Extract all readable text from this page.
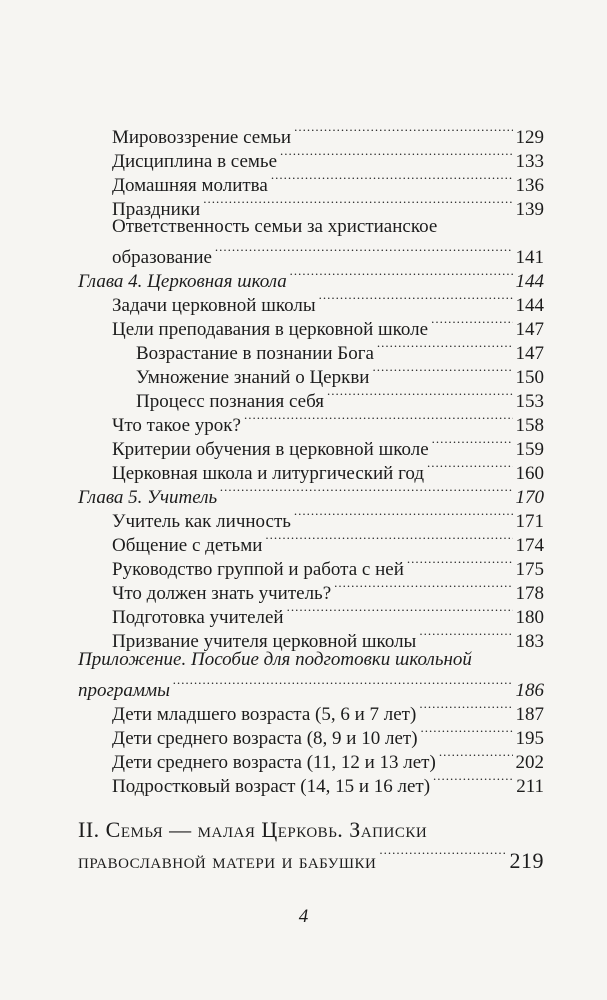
Мировоззрение семьи .....	129
Дисциплина в семье .....	133
Домашняя молитва .....	136
Праздники .....	139
Ответственность семьи за христианское
образование .....	141
Глава 4. Церковная школа .....	144
Задачи церковной школы .....	144
Цели преподавания в церковной школе .....	147
Возрастание в познании Бога .....	147
Умножение знаний о Церкви .....	150
Процесс познания себя .....	153
Что такое урок? .....	158
Критерии обучения в церковной школе .....	159
Церковная школа и литургический год .....	160
Глава 5. Учитель .....	170
Учитель как личность .....	171
Общение с детьми .....	174
Руководство группой и работа с ней .....	175
Что должен знать учитель? .....	178
Подготовка учителей .....	180
Призвание учителя церковной школы .....	183
Приложение. Пособие для подготовки школьной
программы .....	186
Дети младшего возраста (5, 6 и 7 лет) .....	187
Дети среднего возраста (8, 9 и 10 лет) .....	195
Дети среднего возраста (11, 12 и 13 лет) .....	202
Подростковый возраст (14, 15 и 16 лет) .....	211
II. Семья — малая Церковь. Записки
православной матери и бабушки .....	219
4
